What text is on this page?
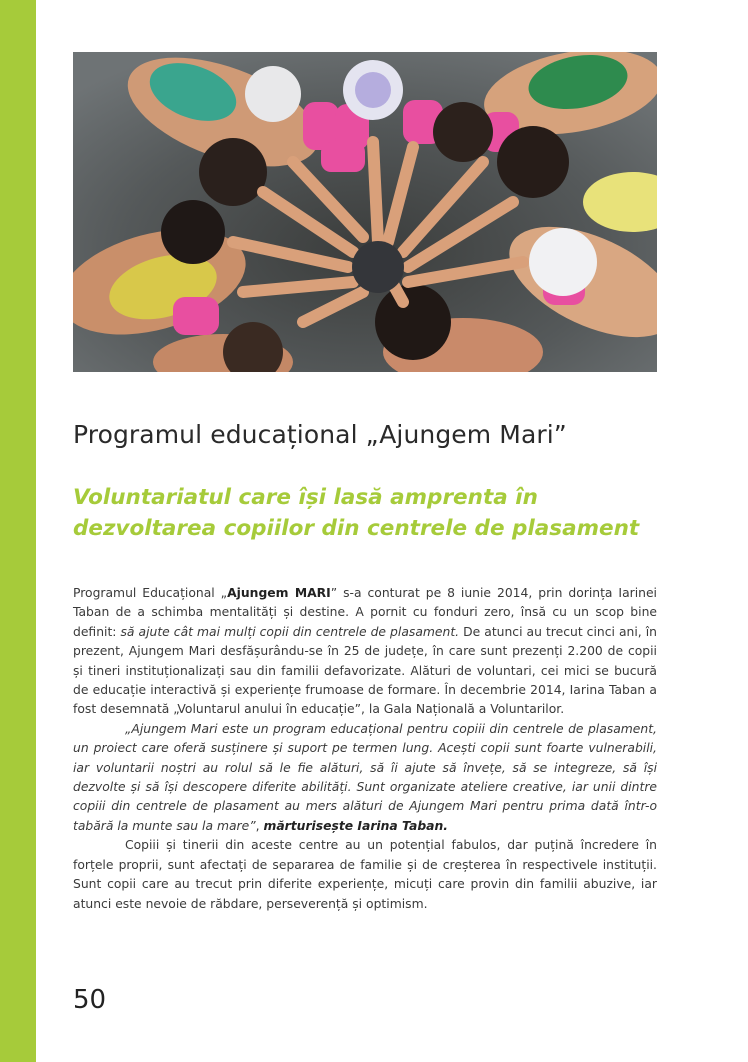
Programul educațional „Ajungem Mari”
Voluntariatul care își lasă amprenta în
dezvoltarea copiilor din centrele de plasament

Programul Educațional „Ajungem MARI” s-a conturat pe 8 iunie 2014, prin dorința Iarinei Taban de a schimba mentalități și destine. A pornit cu fonduri zero, însă cu un scop bine definit: să ajute cât mai mulți copii din centrele de plasament. De atunci au trecut cinci ani, în prezent, Ajungem Mari desfășurându-se în 25 de județe, în care sunt prezenți 2.200 de copii și tineri instituționalizați sau din familii defavorizate. Alături de voluntari, cei mici se bucură de educație interactivă și experiențe frumoase de formare. În decembrie 2014, Iarina Taban a fost desemnată „Voluntarul anului în educație”, la Gala Națională a Voluntarilor.

„Ajungem Mari este un program educațional pentru copiii din centrele de plasament, un proiect care oferă susținere și suport pe termen lung. Acești copii sunt foarte vulnerabili, iar voluntarii noștri au rolul să le fie alături, să îi ajute să învețe, să se integreze, să își dezvolte și să își descopere diferite abilități. Sunt organizate ateliere creative, iar unii dintre copiii din centrele de plasament au mers alături de Ajungem Mari pentru prima dată într-o tabără la munte sau la mare”, mărturisește Iarina Taban.

Copiii și tinerii din aceste centre au un potențial fabulos, dar puțină încredere în forțele proprii, sunt afectați de separarea de familie și de creșterea în respectivele instituții. Sunt copii care au trecut prin diferite experiențe, micuți care provin din familii abuzive, iar atunci este nevoie de răbdare, perseverență și optimism.

50
